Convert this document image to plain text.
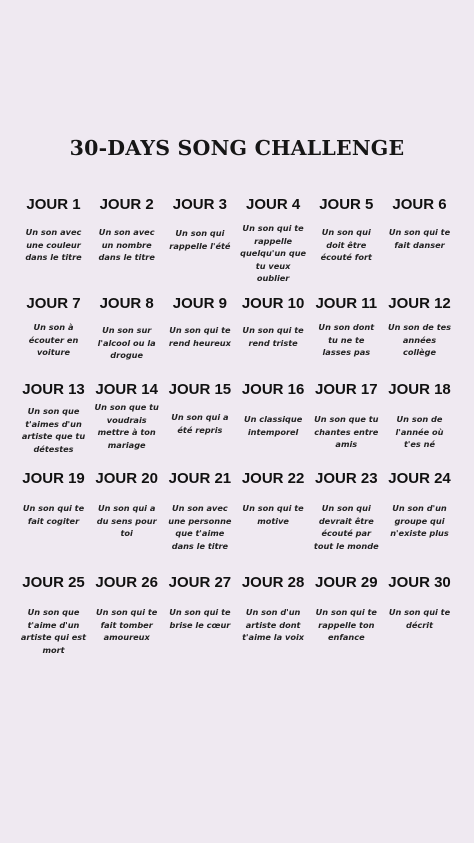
30-DAYS SONG CHALLENGE
JOUR 1
Un son avec une couleur dans le titre
JOUR 2
Un son avec un nombre dans le titre
JOUR 3
Un son qui rappelle l'été
JOUR 4
Un son qui te rappelle quelqu'un que tu veux oublier
JOUR 5
Un son qui doit être écouté fort
JOUR 6
Un son qui te fait danser
JOUR 7
Un son à écouter en voiture
JOUR 8
Un son sur l'alcool ou la drogue
JOUR 9
Un son qui te rend heureux
JOUR 10
Un son qui te rend triste
JOUR 11
Un son dont tu ne te lasses pas
JOUR 12
Un son de tes années collège
JOUR 13
Un son que t'aimes d'un artiste que tu détestes
JOUR 14
Un son que tu voudrais mettre à ton mariage
JOUR 15
Un son qui a été repris
JOUR 16
Un classique intemporel
JOUR 17
Un son que tu chantes entre amis
JOUR 18
Un son de l'année où t'es né
JOUR 19
Un son qui te fait cogiter
JOUR 20
Un son qui a du sens pour toi
JOUR 21
Un son avec une personne que t'aime dans le titre
JOUR 22
Un son qui te motive
JOUR 23
Un son qui devrait être écouté par tout le monde
JOUR 24
Un son d'un groupe qui n'existe plus
JOUR 25
Un son que t'aime d'un artiste qui est mort
JOUR 26
Un son qui te fait tomber amoureux
JOUR 27
Un son qui te brise le cœur
JOUR 28
Un son d'un artiste dont t'aime la voix
JOUR 29
Un son qui te rappelle ton enfance
JOUR 30
Un son qui te décrit
